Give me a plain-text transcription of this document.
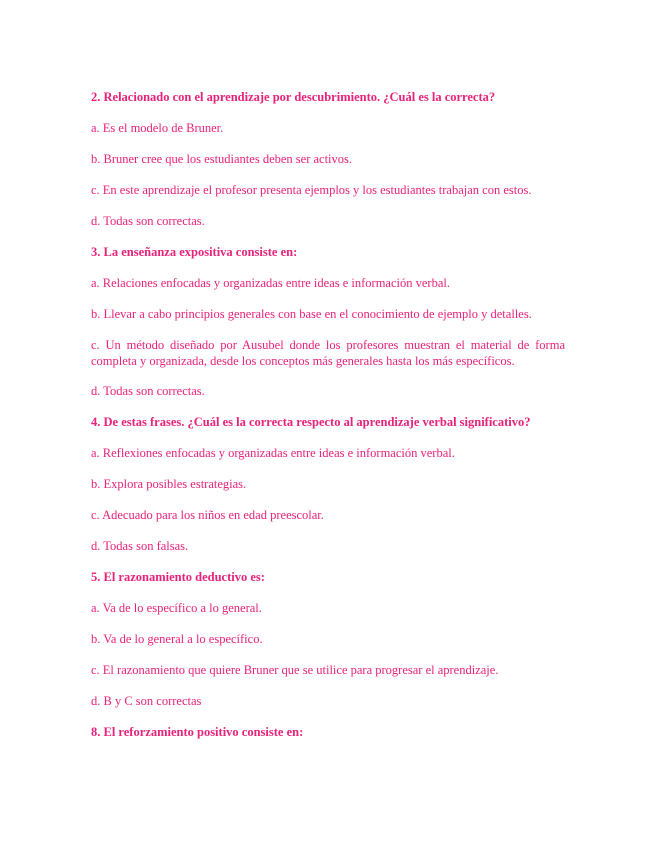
2. Relacionado con el aprendizaje por descubrimiento. ¿Cuál es la correcta?

a. Es el modelo de Bruner.

b. Bruner cree que los estudiantes deben ser activos.

c. En este aprendizaje el profesor presenta ejemplos y los estudiantes trabajan con estos.

d. Todas son correctas.

3. La enseñanza expositiva consiste en:

a. Relaciones enfocadas y organizadas entre ideas e información verbal.

b. Llevar a cabo principios generales con base en el conocimiento de ejemplo y detalles.

c. Un método diseñado por Ausubel donde los profesores muestran el material de forma completa y organizada, desde los conceptos más generales hasta los más específicos.

d. Todas son correctas.

4. De estas frases. ¿Cuál es la correcta respecto al aprendizaje verbal significativo?

a. Reflexiones enfocadas y organizadas entre ideas e información verbal.

b. Explora posibles estrategias.

c. Adecuado para los niños en edad preescolar.

d. Todas son falsas.

5. El razonamiento deductivo es:

a. Va de lo específico a lo general.

b. Va de lo general a lo específico.

c. El razonamiento que quiere Bruner que se utilice para progresar el aprendizaje.

d. B y C son correctas

8. El reforzamiento positivo consiste en:
